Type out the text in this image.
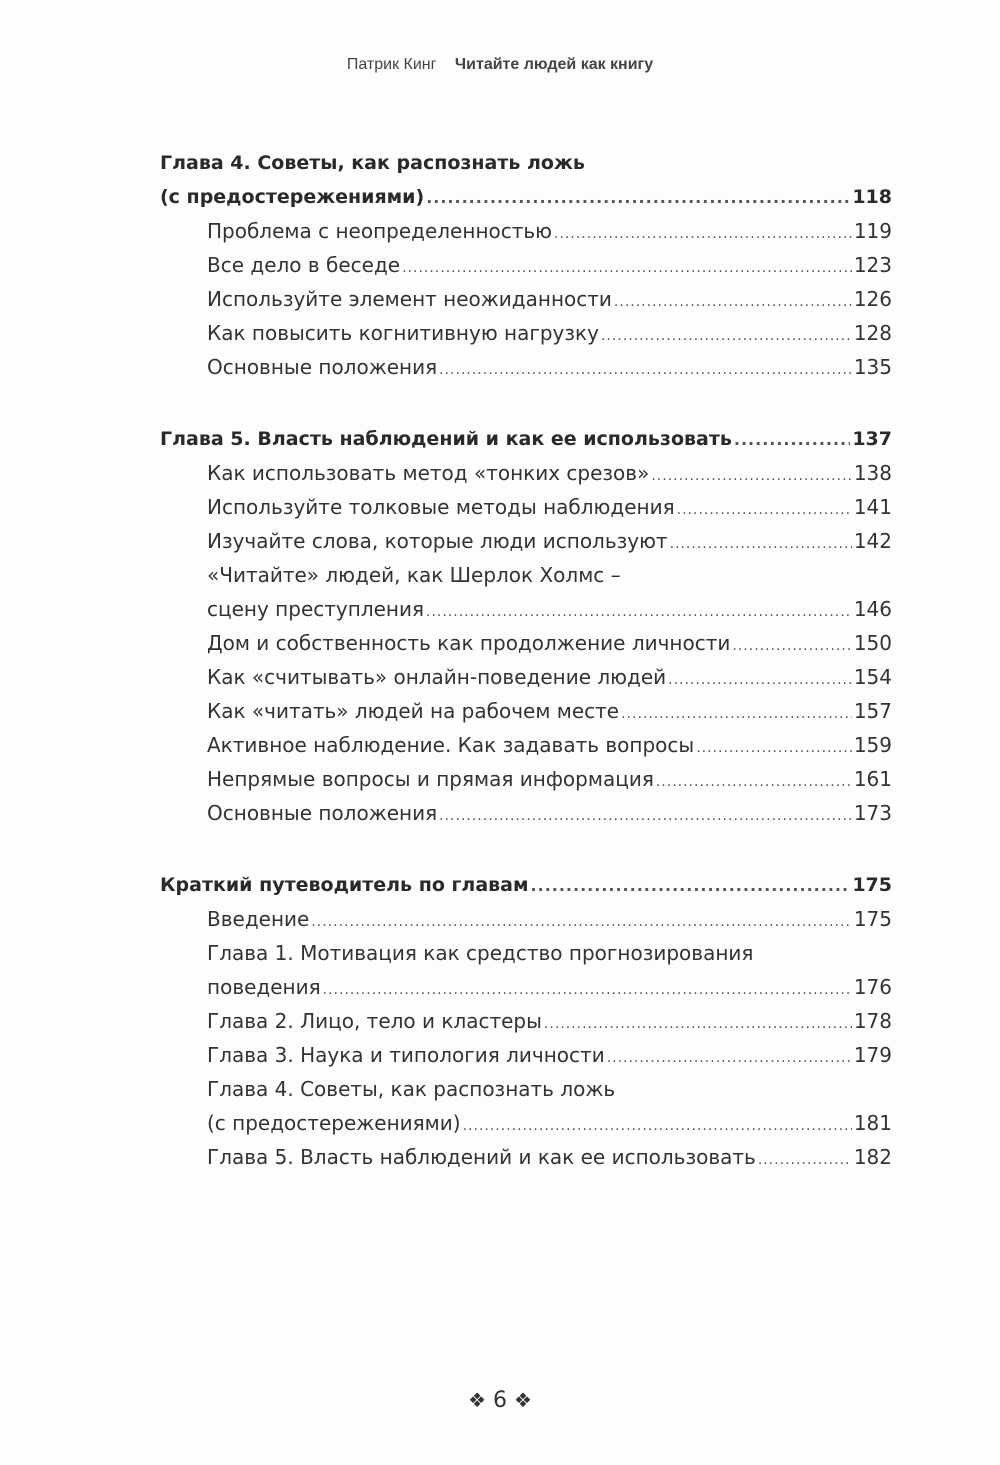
Патрик Кинг Читайте людей как книгу
Глава 4. Советы, как распознать ложь
(с предостережениями) .....	118
Проблема с неопределенностью .....	119
Все дело в беседе .....	123
Используйте элемент неожиданности .....	126
Как повысить когнитивную нагрузку .....	128
Основные положения .....	135
Глава 5. Власть наблюдений и как ее использовать .....	137
Как использовать метод «тонких срезов» .....	138
Используйте толковые методы наблюдения .....	141
Изучайте слова, которые люди используют .....	142
«Читайте» людей, как Шерлок Холмс –
сцену преступления .....	146
Дом и собственность как продолжение личности .....	150
Как «считывать» онлайн-поведение людей .....	154
Как «читать» людей на рабочем месте .....	157
Активное наблюдение. Как задавать вопросы .....	159
Непрямые вопросы и прямая информация .....	161
Основные положения .....	173
Краткий путеводитель по главам .....	175
Введение .....	175
Глава 1. Мотивация как средство прогнозирования
поведения .....	176
Глава 2. Лицо, тело и кластеры .....	178
Глава 3. Наука и типология личности .....	179
Глава 4. Советы, как распознать ложь
(с предостережениями) .....	181
Глава 5. Власть наблюдений и как ее использовать .....	182
❖ 6 ❖
